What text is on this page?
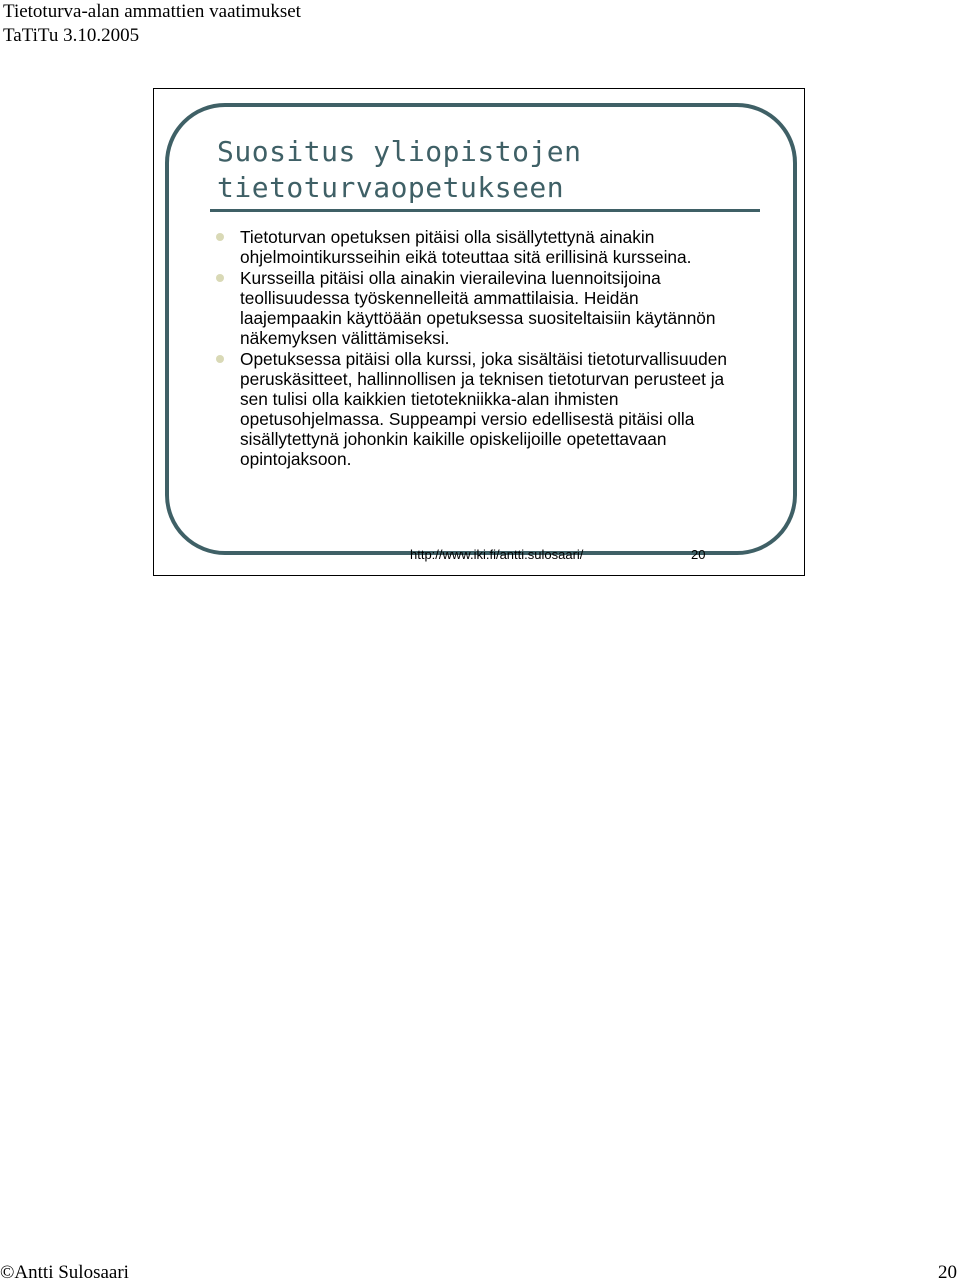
Tietoturva-alan ammattien vaatimukset
TaTiTu 3.10.2005
Suositus yliopistojen
tietoturvaopetukseen
Tietoturvan opetuksen pitäisi olla sisällytettynä ainakin ohjelmointikursseihin eikä toteuttaa sitä erillisinä kursseina.
Kursseilla pitäisi olla ainakin vierailevina luennoitsijoina teollisuudessa työskennelleitä ammattilaisia. Heidän laajempaakin käyttöään opetuksessa suositeltaisiin käytännön näkemyksen välittämiseksi.
Opetuksessa pitäisi olla kurssi, joka sisältäisi tietoturvallisuuden peruskäsitteet, hallinnollisen ja teknisen tietoturvan perusteet ja sen tulisi olla kaikkien tietotekniikka-alan ihmisten opetusohjelmassa. Suppeampi versio edellisestä pitäisi olla sisällytettynä johonkin kaikille opiskelijoille opetettavaan opintojaksoon.
http://www.iki.fi/antti.sulosaari/	20
©Antti Sulosaari	20
